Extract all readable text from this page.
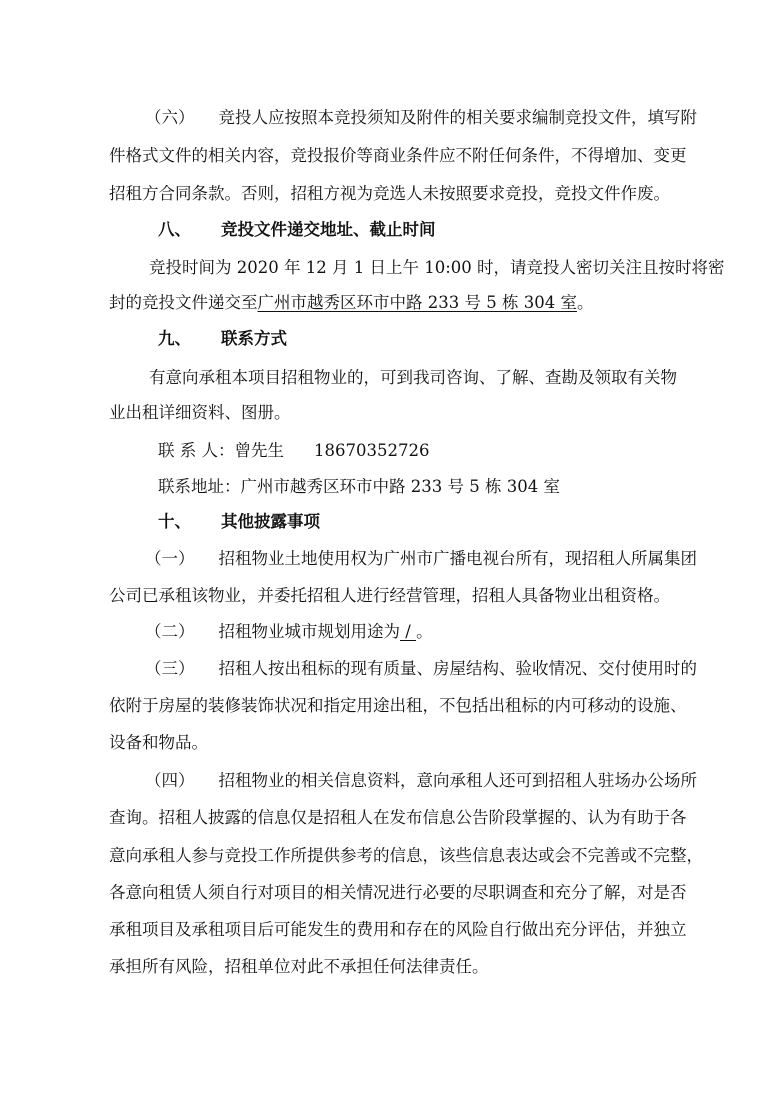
（六） 竞投人应按照本竞投须知及附件的相关要求编制竞投文件，填写附
件格式文件的相关内容，竞投报价等商业条件应不附任何条件，不得增加、变更
招租方合同条款。否则，招租方视为竞选人未按照要求竞投，竞投文件作废。
八、 竞投文件递交地址、截止时间
竞投时间为 2020 年 12 月 1 日上午 10:00 时，请竞投人密切关注且按时将密
封的竞投文件递交至广州市越秀区环市中路 233 号 5 栋 304 室。
九、 联系方式
有意向承租本项目招租物业的，可到我司咨询、了解、查勘及领取有关物
业出租详细资料、图册。
联 系 人：曾先生 18670352726
联系地址：广州市越秀区环市中路 233 号 5 栋 304 室
十、 其他披露事项
（一） 招租物业土地使用权为广州市广播电视台所有，现招租人所属集团
公司已承租该物业，并委托招租人进行经营管理，招租人具备物业出租资格。
（二） 招租物业城市规划用途为 / 。
（三） 招租人按出租标的现有质量、房屋结构、验收情况、交付使用时的
依附于房屋的装修装饰状况和指定用途出租，不包括出租标的内可移动的设施、
设备和物品。
（四） 招租物业的相关信息资料，意向承租人还可到招租人驻场办公场所
查询。招租人披露的信息仅是招租人在发布信息公告阶段掌握的、认为有助于各
意向承租人参与竞投工作所提供参考的信息，该些信息表达或会不完善或不完整，
各意向租赁人须自行对项目的相关情况进行必要的尽职调查和充分了解，对是否
承租项目及承租项目后可能发生的费用和存在的风险自行做出充分评估，并独立
承担所有风险，招租单位对此不承担任何法律责任。
